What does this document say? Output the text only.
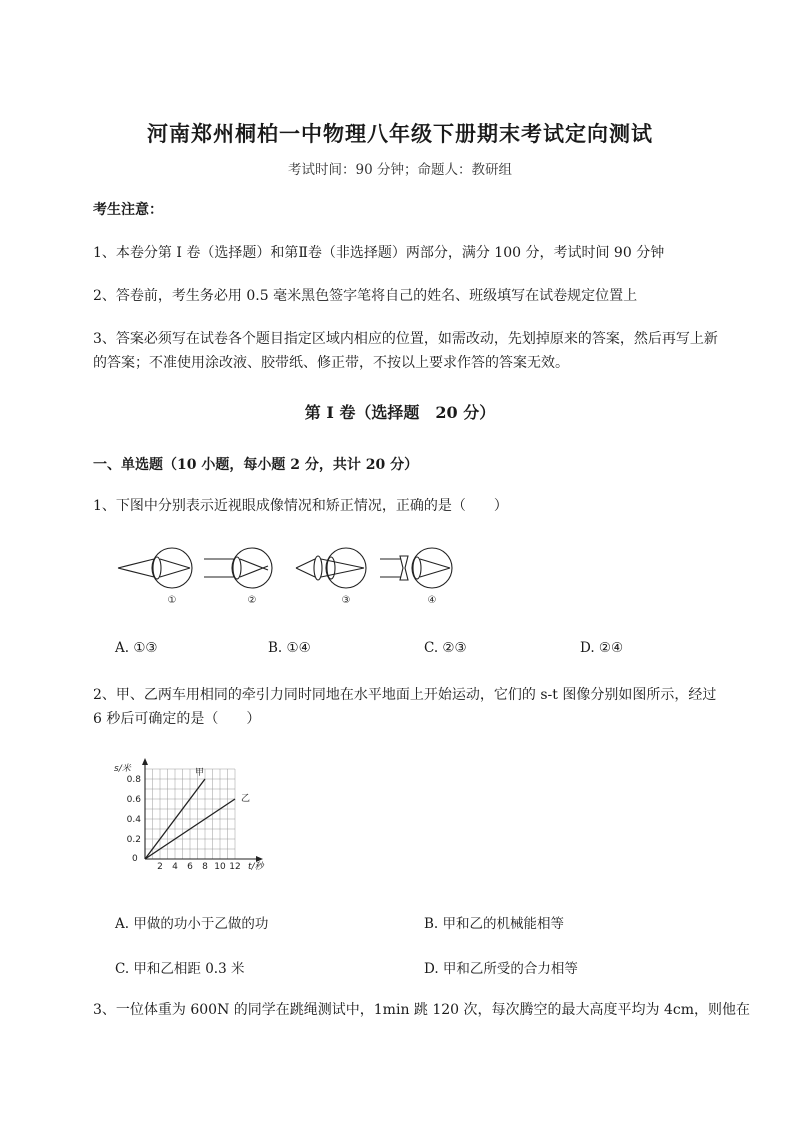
河南郑州桐柏一中物理八年级下册期末考试定向测试
考试时间：90 分钟；命题人：教研组
考生注意：
1、本卷分第 I 卷（选择题）和第Ⅱ卷（非选择题）两部分，满分 100 分，考试时间 90 分钟
2、答卷前，考生务必用 0.5 毫米黑色签字笔将自己的姓名、班级填写在试卷规定位置上
3、答案必须写在试卷各个题目指定区域内相应的位置，如需改动，先划掉原来的答案，然后再写上新
的答案；不准使用涂改液、胶带纸、修正带，不按以上要求作答的答案无效。
第 I 卷（选择题　20 分）
一、单选题（10 小题，每小题 2 分，共计 20 分）
1、下图中分别表示近视眼成像情况和矫正情况，正确的是（　　）
①	②	③	④
A. ①③	B. ①④	C. ②③	D. ②④
2、甲、乙两车用相同的牵引力同时同地在水平地面上开始运动，它们的 s-t 图像分别如图所示，经过
6 秒后可确定的是（　　）
s/米
t/秒
0
2 4 6 8 10 12
0.8
0.6
0.4
0.2
甲
乙
A. 甲做的功小于乙做的功	B. 甲和乙的机械能相等
C. 甲和乙相距 0.3 米	D. 甲和乙所受的合力相等
3、一位体重为 600N 的同学在跳绳测试中，1min 跳 120 次，每次腾空的最大高度平均为 4cm，则他在
